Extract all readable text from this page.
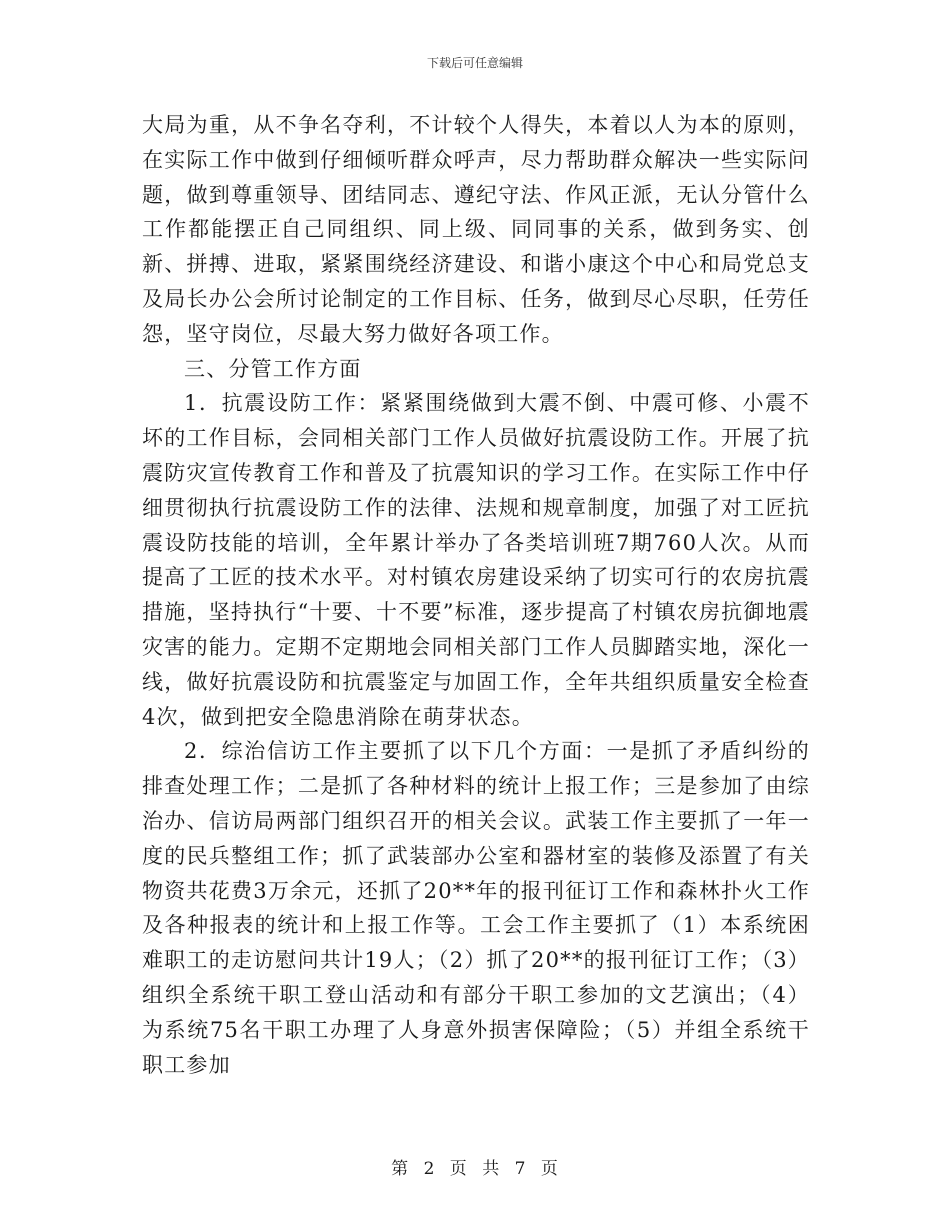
下载后可任意编辑

大局为重，从不争名夺利，不计较个人得失，本着以人为本的原则，在实际工作中做到仔细倾听群众呼声，尽力帮助群众解决一些实际问题，做到尊重领导、团结同志、遵纪守法、作风正派，无认分管什么工作都能摆正自己同组织、同上级、同同事的关系，做到务实、创新、拼搏、进取，紧紧围绕经济建设、和谐小康这个中心和局党总支及局长办公会所讨论制定的工作目标、任务，做到尽心尽职，任劳任怨，坚守岗位，尽最大努力做好各项工作。

三、分管工作方面

1．抗震设防工作：紧紧围绕做到大震不倒、中震可修、小震不坏的工作目标，会同相关部门工作人员做好抗震设防工作。开展了抗震防灾宣传教育工作和普及了抗震知识的学习工作。在实际工作中仔细贯彻执行抗震设防工作的法律、法规和规章制度，加强了对工匠抗震设防技能的培训，全年累计举办了各类培训班7期760人次。从而提高了工匠的技术水平。对村镇农房建设采纳了切实可行的农房抗震措施，坚持执行“十要、十不要”标准，逐步提高了村镇农房抗御地震灾害的能力。定期不定期地会同相关部门工作人员脚踏实地，深化一线，做好抗震设防和抗震鉴定与加固工作，全年共组织质量安全检查4次，做到把安全隐患消除在萌芽状态。

2．综治信访工作主要抓了以下几个方面：一是抓了矛盾纠纷的排查处理工作；二是抓了各种材料的统计上报工作；三是参加了由综治办、信访局两部门组织召开的相关会议。武装工作主要抓了一年一度的民兵整组工作；抓了武装部办公室和器材室的装修及添置了有关物资共花费3万余元，还抓了20**年的报刊征订工作和森林扑火工作及各种报表的统计和上报工作等。工会工作主要抓了（1）本系统困难职工的走访慰问共计19人；（2）抓了20**的报刊征订工作；（3）组织全系统干职工登山活动和有部分干职工参加的文艺演出；（4）为系统75名干职工办理了人身意外损害保障险；（5）并组全系统干职工参加

第 2 页 共 7 页
